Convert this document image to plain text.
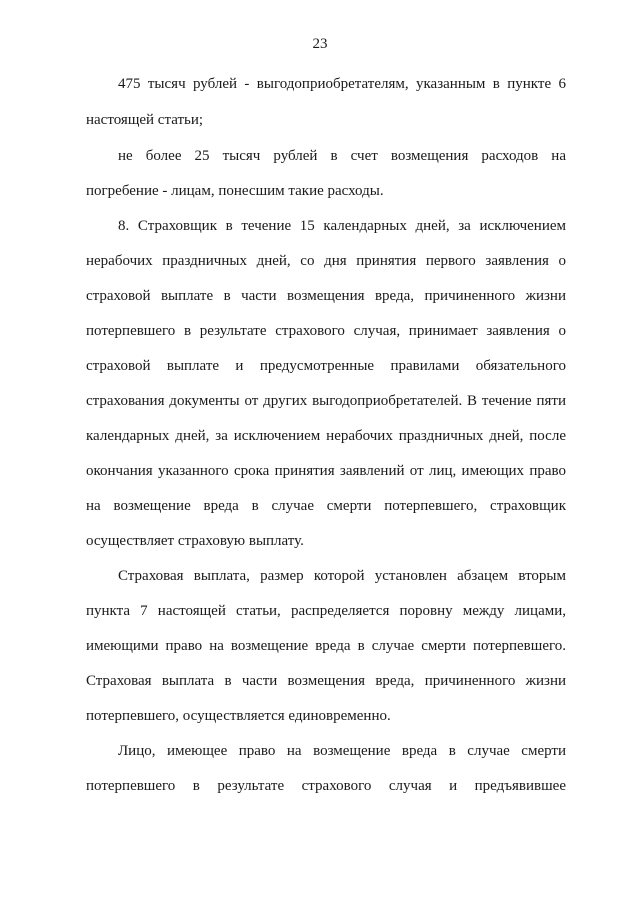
23
475 тысяч рублей - выгодоприобретателям, указанным в пункте 6
настоящей статьи;
не более 25 тысяч рублей в счет возмещения расходов на
погребение - лицам, понесшим такие расходы.
8. Страховщик в течение 15 календарных дней, за исключением
нерабочих праздничных дней, со дня принятия первого заявления о
страховой выплате в части возмещения вреда, причиненного жизни
потерпевшего в результате страхового случая, принимает заявления о
страховой выплате и предусмотренные правилами обязательного
страхования документы от других выгодоприобретателей. В течение пяти
календарных дней, за исключением нерабочих праздничных дней, после
окончания указанного срока принятия заявлений от лиц, имеющих право
на возмещение вреда в случае смерти потерпевшего, страховщик
осуществляет страховую выплату.
Страховая выплата, размер которой установлен абзацем вторым
пункта 7 настоящей статьи, распределяется поровну между лицами,
имеющими право на возмещение вреда в случае смерти потерпевшего.
Страховая выплата в части возмещения вреда, причиненного жизни
потерпевшего, осуществляется единовременно.
Лицо, имеющее право на возмещение вреда в случае смерти
потерпевшего в результате страхового случая и предъявившее
